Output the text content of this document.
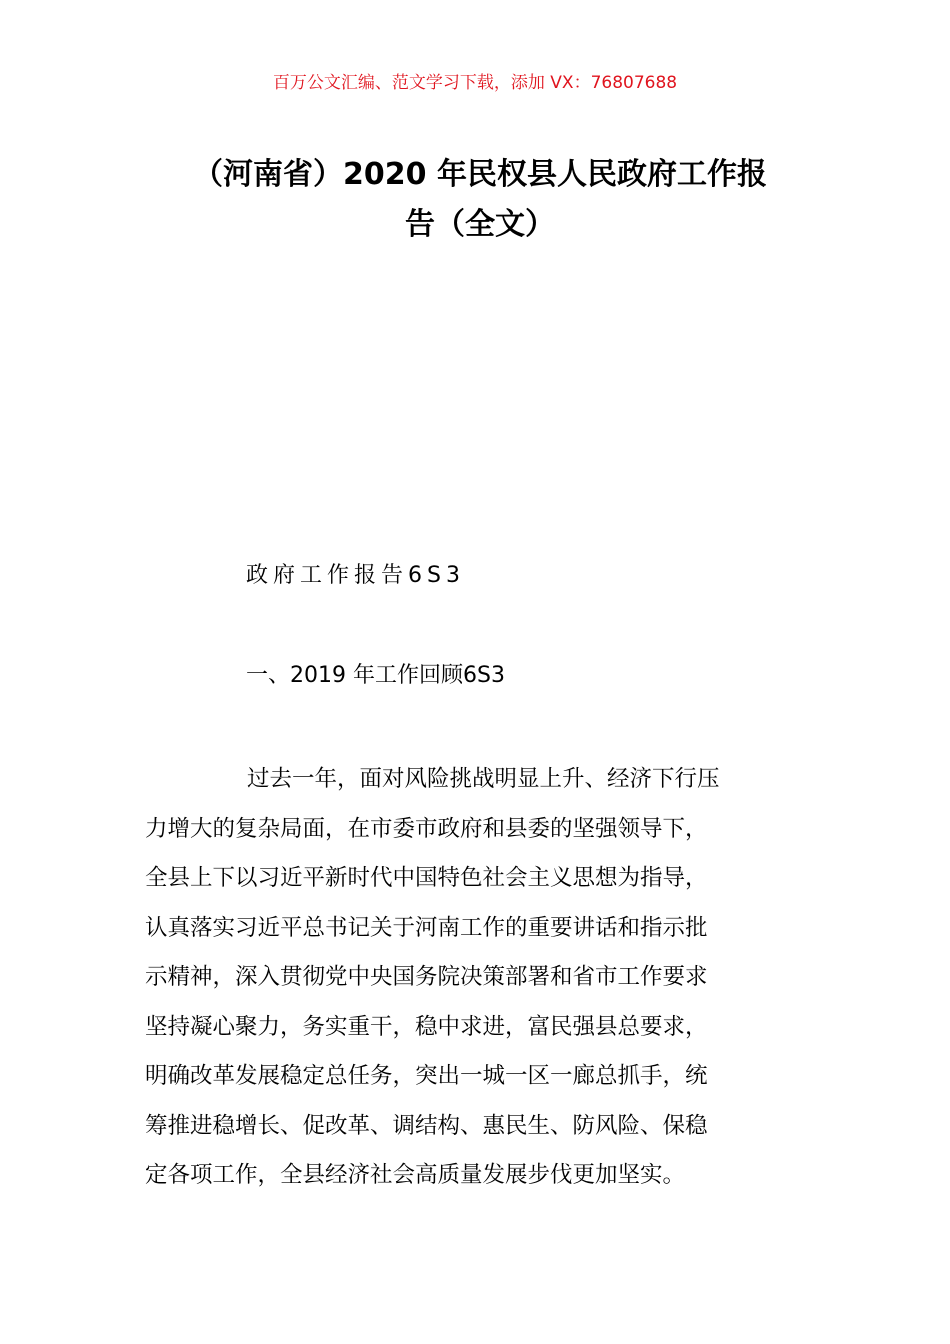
百万公文汇编、范文学习下载，添加 VX：76807688
（河南省）2020 年民权县人民政府工作报
告（全文）
政府工作报告6S3
一、2019 年工作回顾6S3
过去一年，面对风险挑战明显上升、经济下行压
力增大的复杂局面，在市委市政府和县委的坚强领导下，
全县上下以习近平新时代中国特色社会主义思想为指导，
认真落实习近平总书记关于河南工作的重要讲话和指示批
示精神，深入贯彻党中央国务院决策部署和省市工作要求
坚持凝心聚力，务实重干，稳中求进，富民强县总要求，
明确改革发展稳定总任务，突出一城一区一廊总抓手，统
筹推进稳增长、促改革、调结构、惠民生、防风险、保稳
定各项工作，全县经济社会高质量发展步伐更加坚实。
